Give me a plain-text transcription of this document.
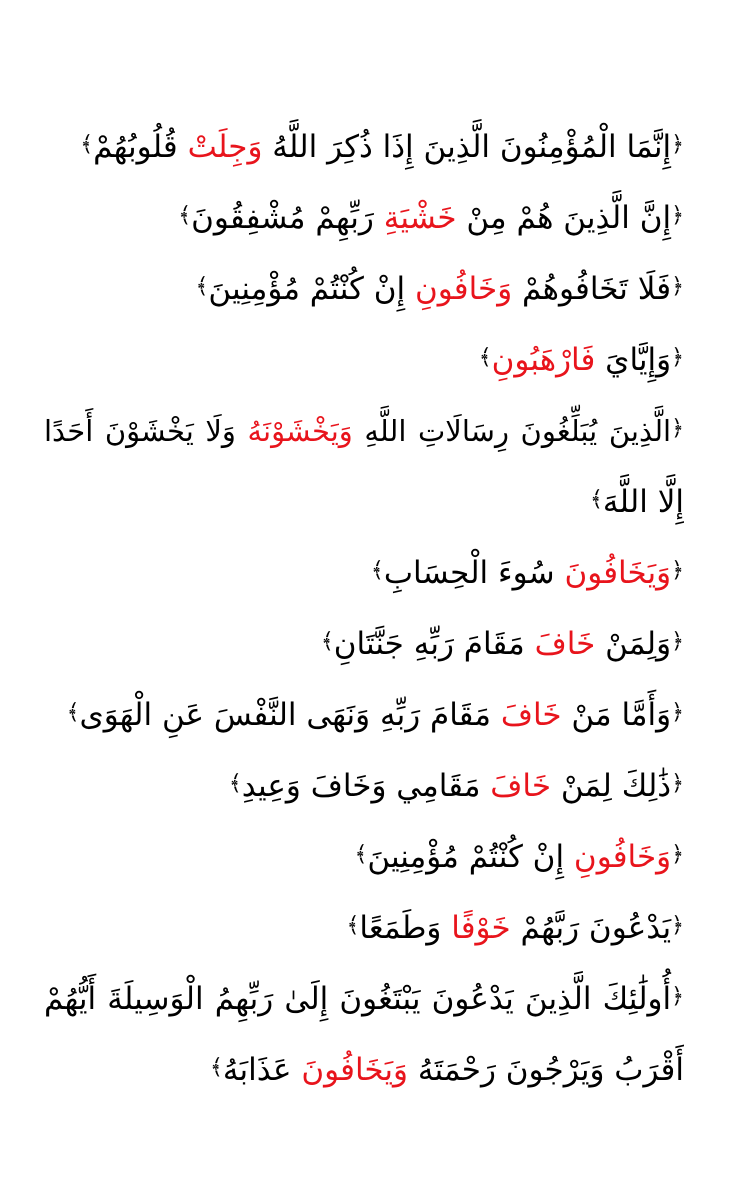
﴿إِنَّمَا الْمُؤْمِنُونَ الَّذِينَ إِذَا ذُكِرَ اللَّهُ وَجِلَتْ قُلُوبُهُمْ﴾
﴿إِنَّ الَّذِينَ هُمْ مِنْ خَشْيَةِ رَبِّهِمْ مُشْفِقُونَ﴾
﴿فَلَا تَخَافُوهُمْ وَخَافُونِ إِنْ كُنْتُمْ مُؤْمِنِينَ﴾
﴿وَإِيَّايَ فَارْهَبُونِ﴾
﴿الَّذِينَ يُبَلِّغُونَ رِسَالَاتِ اللَّهِ وَيَخْشَوْنَهُ وَلَا يَخْشَوْنَ أَحَدًا
إِلَّا اللَّهَ﴾
﴿وَيَخَافُونَ سُوءَ الْحِسَابِ﴾
﴿وَلِمَنْ خَافَ مَقَامَ رَبِّهِ جَنَّتَانِ﴾
﴿وَأَمَّا مَنْ خَافَ مَقَامَ رَبِّهِ وَنَهَى النَّفْسَ عَنِ الْهَوَى﴾
﴿ذَٰلِكَ لِمَنْ خَافَ مَقَامِي وَخَافَ وَعِيدِ﴾
﴿وَخَافُونِ إِنْ كُنْتُمْ مُؤْمِنِينَ﴾
﴿يَدْعُونَ رَبَّهُمْ خَوْفًا وَطَمَعًا﴾
﴿أُولَٰئِكَ الَّذِينَ يَدْعُونَ يَبْتَغُونَ إِلَىٰ رَبِّهِمُ الْوَسِيلَةَ أَيُّهُمْ
أَقْرَبُ وَيَرْجُونَ رَحْمَتَهُ وَيَخَافُونَ عَذَابَهُ﴾
